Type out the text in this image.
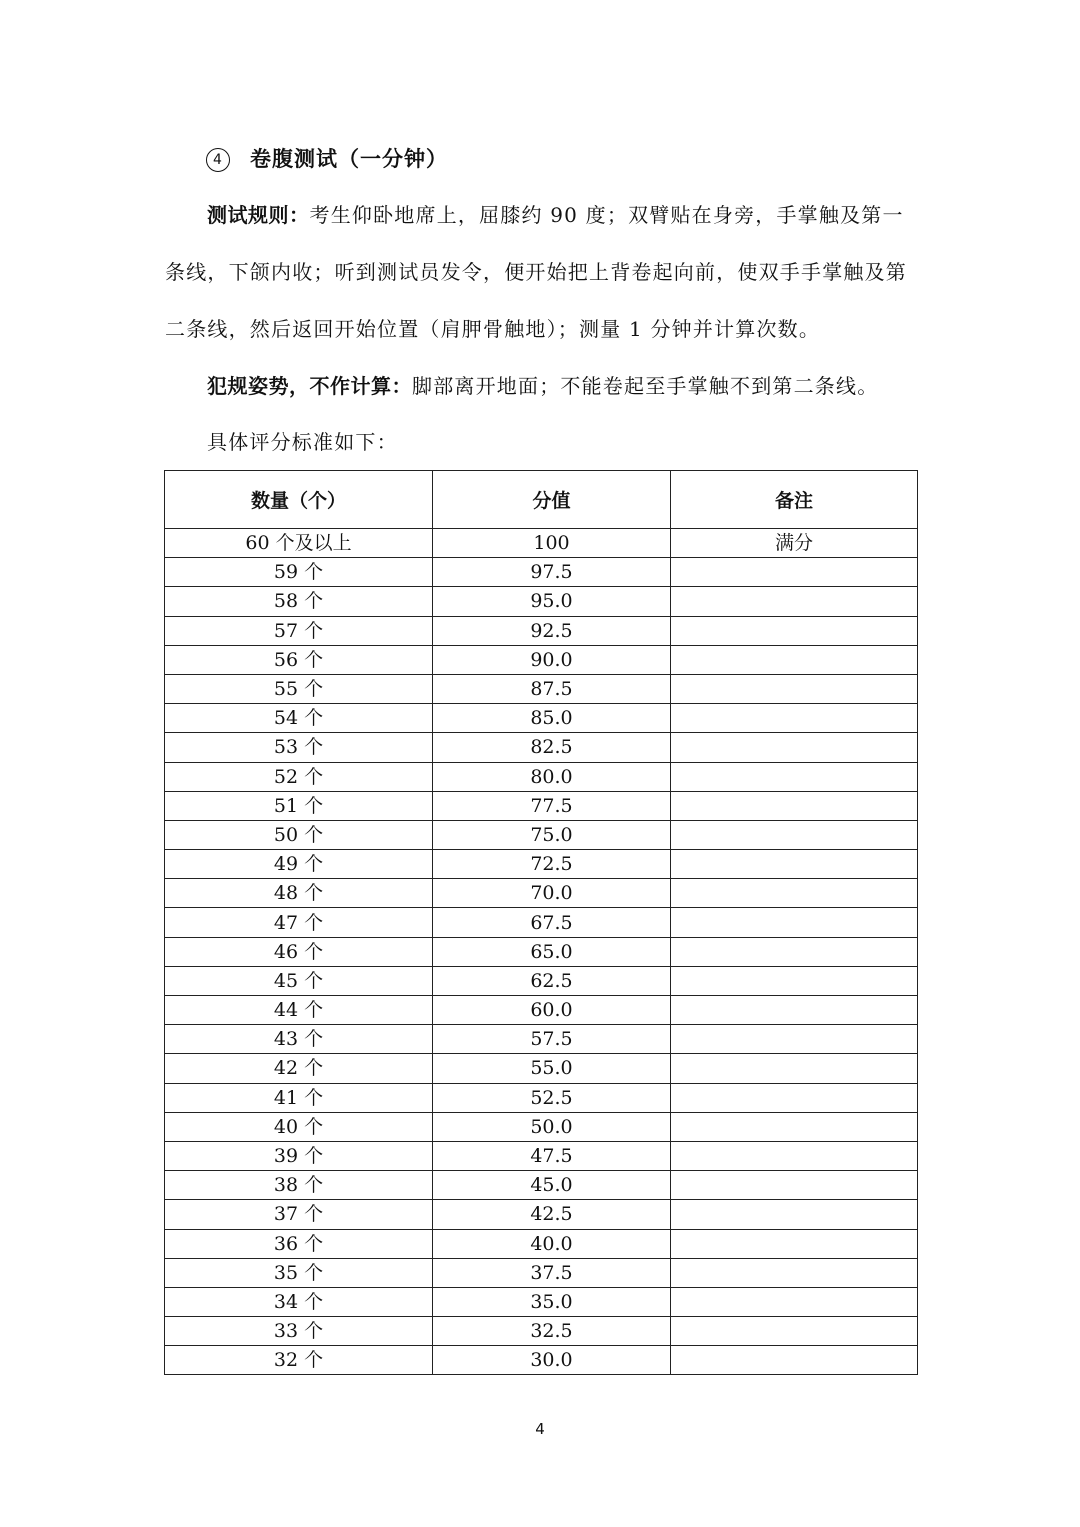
4 卷腹测试（一分钟）
测试规则：考生仰卧地席上，屈膝约 90 度；双臂贴在身旁，手掌触及第一条线，下颌内收；听到测试员发令，便开始把上背卷起向前，使双手手掌触及第二条线，然后返回开始位置（肩胛骨触地）；测量 1 分钟并计算次数。
犯规姿势，不作计算：脚部离开地面；不能卷起至手掌触不到第二条线。
具体评分标准如下：
数量（个）	分值	备注
60 个及以上	100	满分
59 个	97.5	
58 个	95.0	
57 个	92.5	
56 个	90.0	
55 个	87.5	
54 个	85.0	
53 个	82.5	
52 个	80.0	
51 个	77.5	
50 个	75.0	
49 个	72.5	
48 个	70.0	
47 个	67.5	
46 个	65.0	
45 个	62.5	
44 个	60.0	
43 个	57.5	
42 个	55.0	
41 个	52.5	
40 个	50.0	
39 个	47.5	
38 个	45.0	
37 个	42.5	
36 个	40.0	
35 个	37.5	
34 个	35.0	
33 个	32.5	
32 个	30.0	
4
